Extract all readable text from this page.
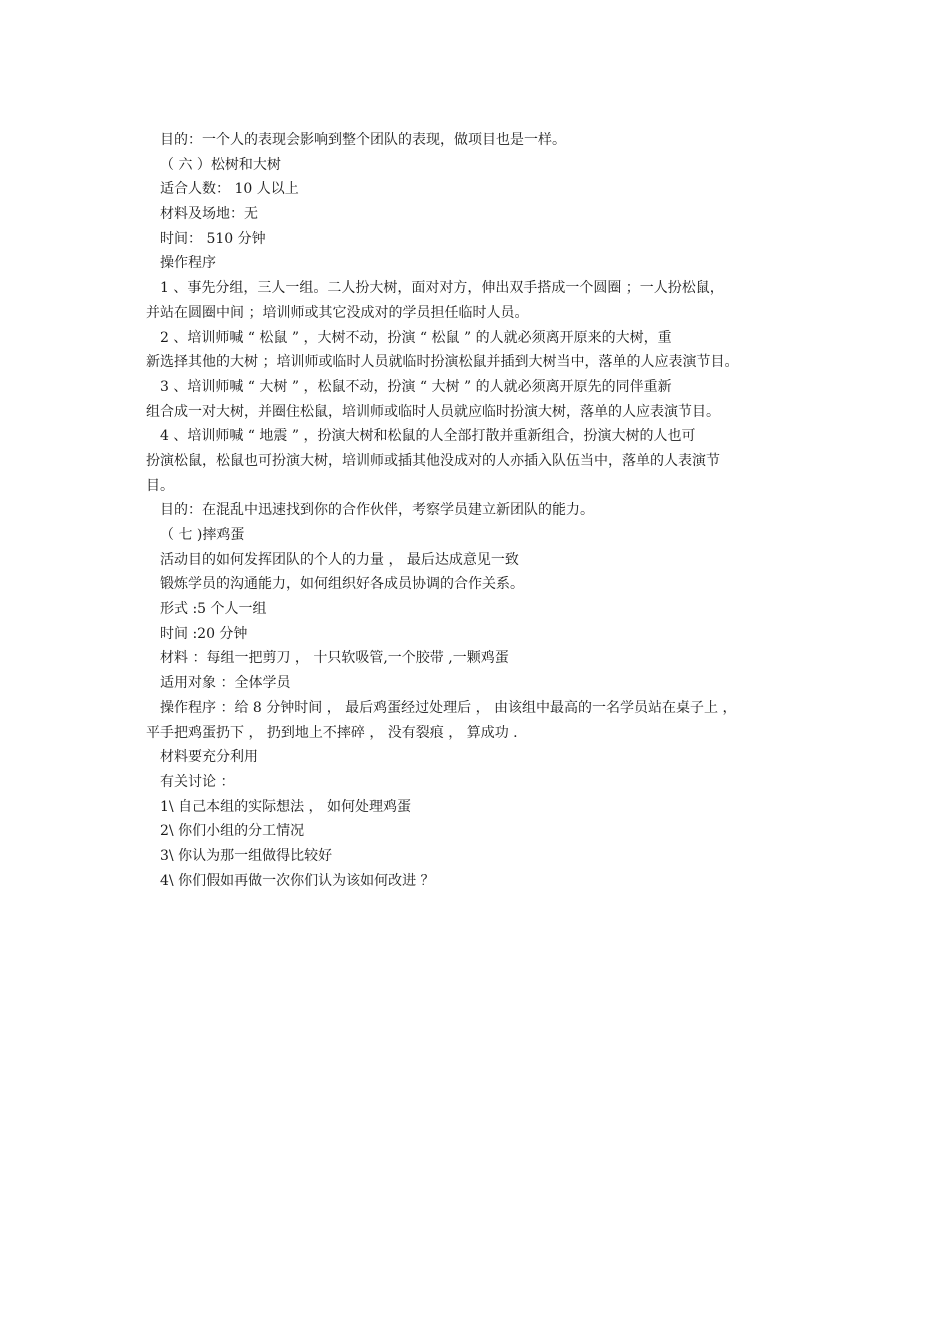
目的：一个人的表现会影响到整个团队的表现，做项目也是一样。
（ 六 ）松树和大树
适合人数： 10 人以上
材料及场地：无
时间： 510 分钟
操作程序
1 、事先分组，三人一组。二人扮大树，面对对方，伸出双手搭成一个圆圈 ；一人扮松鼠，
并站在圆圈中间 ；培训师或其它没成对的学员担任临时人员。
2 、培训师喊 “ 松鼠 ” ，大树不动，扮演 “ 松鼠 ” 的人就必须离开原来的大树，重
新选择其他的大树 ；培训师或临时人员就临时扮演松鼠并插到大树当中，落单的人应表演节目。
3 、培训师喊 “ 大树 ” ，松鼠不动，扮演 “ 大树 ” 的人就必须离开原先的同伴重新
组合成一对大树，并圈住松鼠，培训师或临时人员就应临时扮演大树，落单的人应表演节目。
4 、培训师喊 “ 地震 ” ，扮演大树和松鼠的人全部打散并重新组合，扮演大树的人也可
扮演松鼠，松鼠也可扮演大树，培训师或插其他没成对的人亦插入队伍当中，落单的人表演节
目。
目的：在混乱中迅速找到你的合作伙伴，考察学员建立新团队的能力。
（ 七 )摔鸡蛋
活动目的如何发挥团队的个人的力量 ， 最后达成意见一致
锻炼学员的沟通能力，如何组织好各成员协调的合作关系。
形式 :5 个人一组
时间 :20 分钟
材料 ：每组一把剪刀 ， 十只软吸管,一个胶带 ,一颗鸡蛋
适用对象 ：全体学员
操作程序 ：给 8 分钟时间 ， 最后鸡蛋经过处理后 ， 由该组中最高的一名学员站在桌子上 ，
平手把鸡蛋扔下 ， 扔到地上不摔碎 ， 没有裂痕 ， 算成功 .
材料要充分利用
有关讨论 ：
1\ 自己本组的实际想法 ， 如何处理鸡蛋
2\ 你们小组的分工情况
3\ 你认为那一组做得比较好
4\ 你们假如再做一次你们认为该如何改进 ？
